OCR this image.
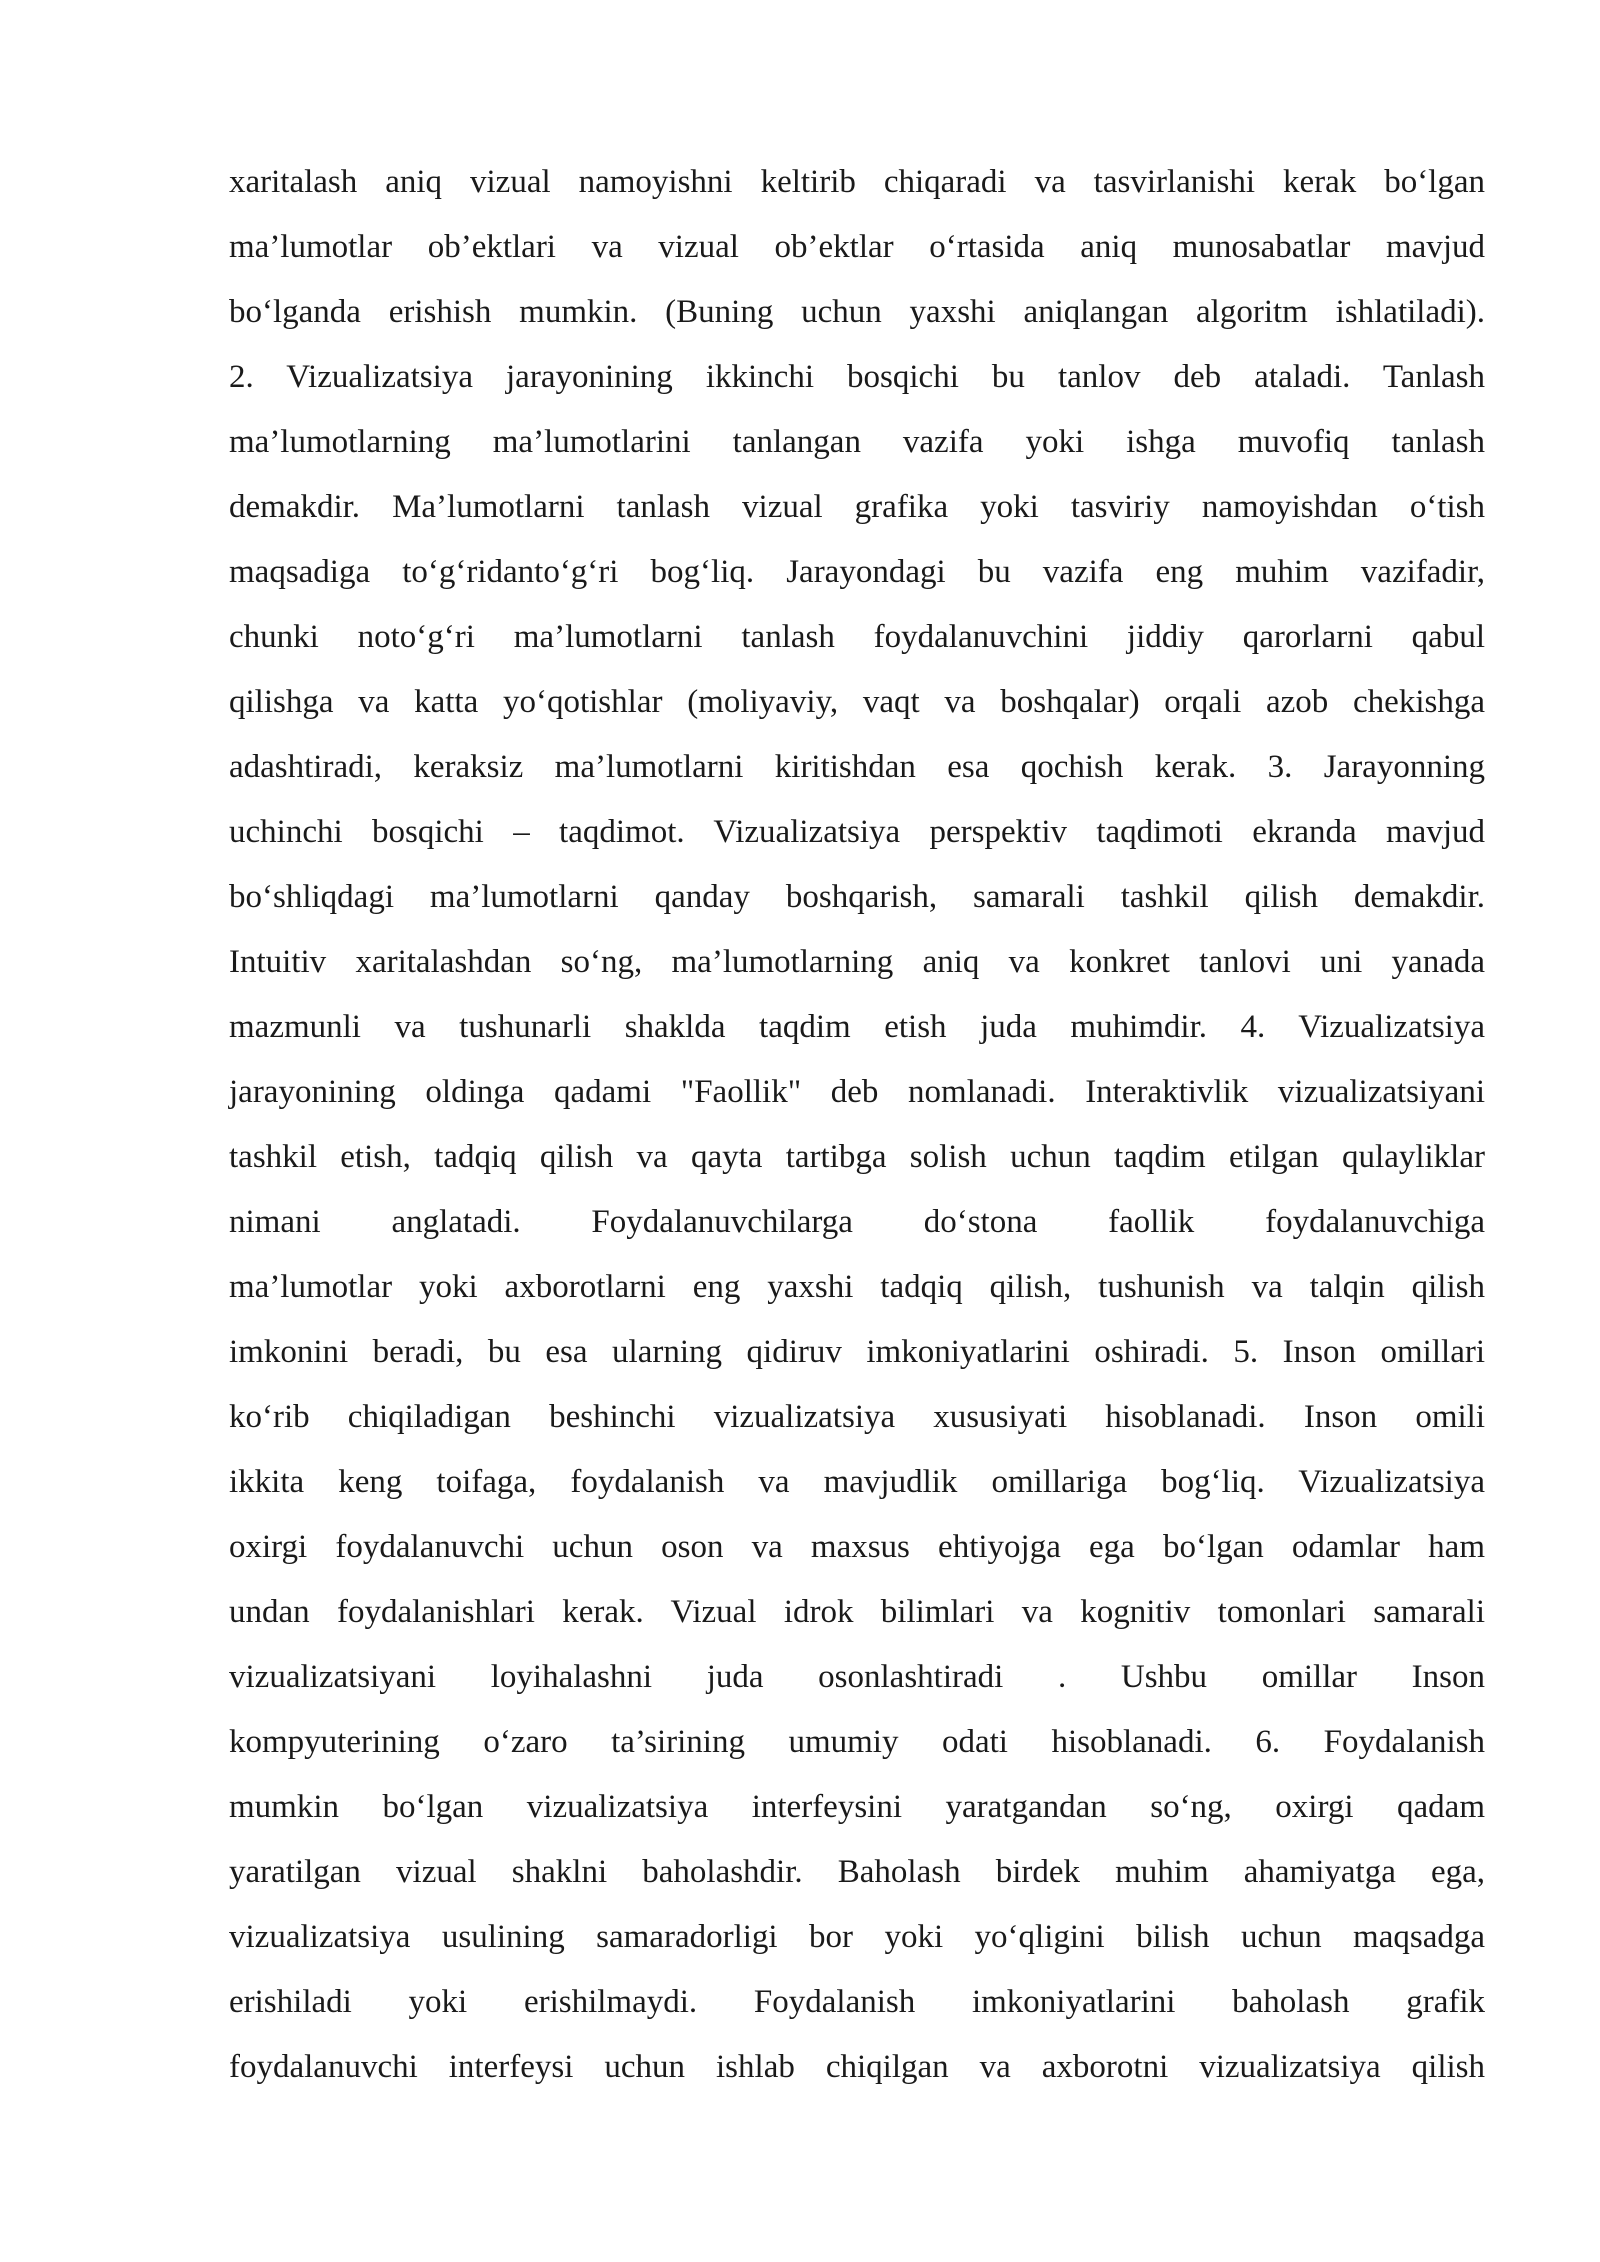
xaritalash aniq vizual namoyishni keltirib chiqaradi va tasvirlanishi kerak bo‘lgan
ma’lumotlar ob’ektlari va vizual ob’ektlar o‘rtasida aniq munosabatlar mavjud
bo‘lganda erishish mumkin. (Buning uchun yaxshi aniqlangan algoritm ishlatiladi).
2. Vizualizatsiya jarayonining ikkinchi bosqichi bu tanlov deb ataladi. Tanlash
ma’lumotlarning ma’lumotlarini tanlangan vazifa yoki ishga muvofiq tanlash
demakdir. Ma’lumotlarni tanlash vizual grafika yoki tasviriy namoyishdan o‘tish
maqsadiga to‘g‘ridanto‘g‘ri bog‘liq. Jarayondagi bu vazifa eng muhim vazifadir,
chunki noto‘g‘ri ma’lumotlarni tanlash foydalanuvchini jiddiy qarorlarni qabul
qilishga va katta yo‘qotishlar (moliyaviy, vaqt va boshqalar) orqali azob chekishga
adashtiradi, keraksiz ma’lumotlarni kiritishdan esa qochish kerak. 3. Jarayonning
uchinchi bosqichi – taqdimot. Vizualizatsiya perspektiv taqdimoti ekranda mavjud
bo‘shliqdagi ma’lumotlarni qanday boshqarish, samarali tashkil qilish demakdir.
Intuitiv xaritalashdan so‘ng, ma’lumotlarning aniq va konkret tanlovi uni yanada
mazmunli va tushunarli shaklda taqdim etish juda muhimdir. 4. Vizualizatsiya
jarayonining oldinga qadami "Faollik" deb nomlanadi. Interaktivlik vizualizatsiyani
tashkil etish, tadqiq qilish va qayta tartibga solish uchun taqdim etilgan qulayliklar
nimani anglatadi. Foydalanuvchilarga do‘stona faollik foydalanuvchiga
ma’lumotlar yoki axborotlarni eng yaxshi tadqiq qilish, tushunish va talqin qilish
imkonini beradi, bu esa ularning qidiruv imkoniyatlarini oshiradi. 5. Inson omillari
ko‘rib chiqiladigan beshinchi vizualizatsiya xususiyati hisoblanadi. Inson omili
ikkita keng toifaga, foydalanish va mavjudlik omillariga bog‘liq. Vizualizatsiya
oxirgi foydalanuvchi uchun oson va maxsus ehtiyojga ega bo‘lgan odamlar ham
undan foydalanishlari kerak. Vizual idrok bilimlari va kognitiv tomonlari samarali
vizualizatsiyani loyihalashni juda osonlashtiradi . Ushbu omillar Inson
kompyuterining o‘zaro ta’sirining umumiy odati hisoblanadi. 6. Foydalanish
mumkin bo‘lgan vizualizatsiya interfeysini yaratgandan so‘ng, oxirgi qadam
yaratilgan vizual shaklni baholashdir. Baholash birdek muhim ahamiyatga ega,
vizualizatsiya usulining samaradorligi bor yoki yo‘qligini bilish uchun maqsadga
erishiladi yoki erishilmaydi. Foydalanish imkoniyatlarini baholash grafik
foydalanuvchi interfeysi uchun ishlab chiqilgan va axborotni vizualizatsiya qilish
